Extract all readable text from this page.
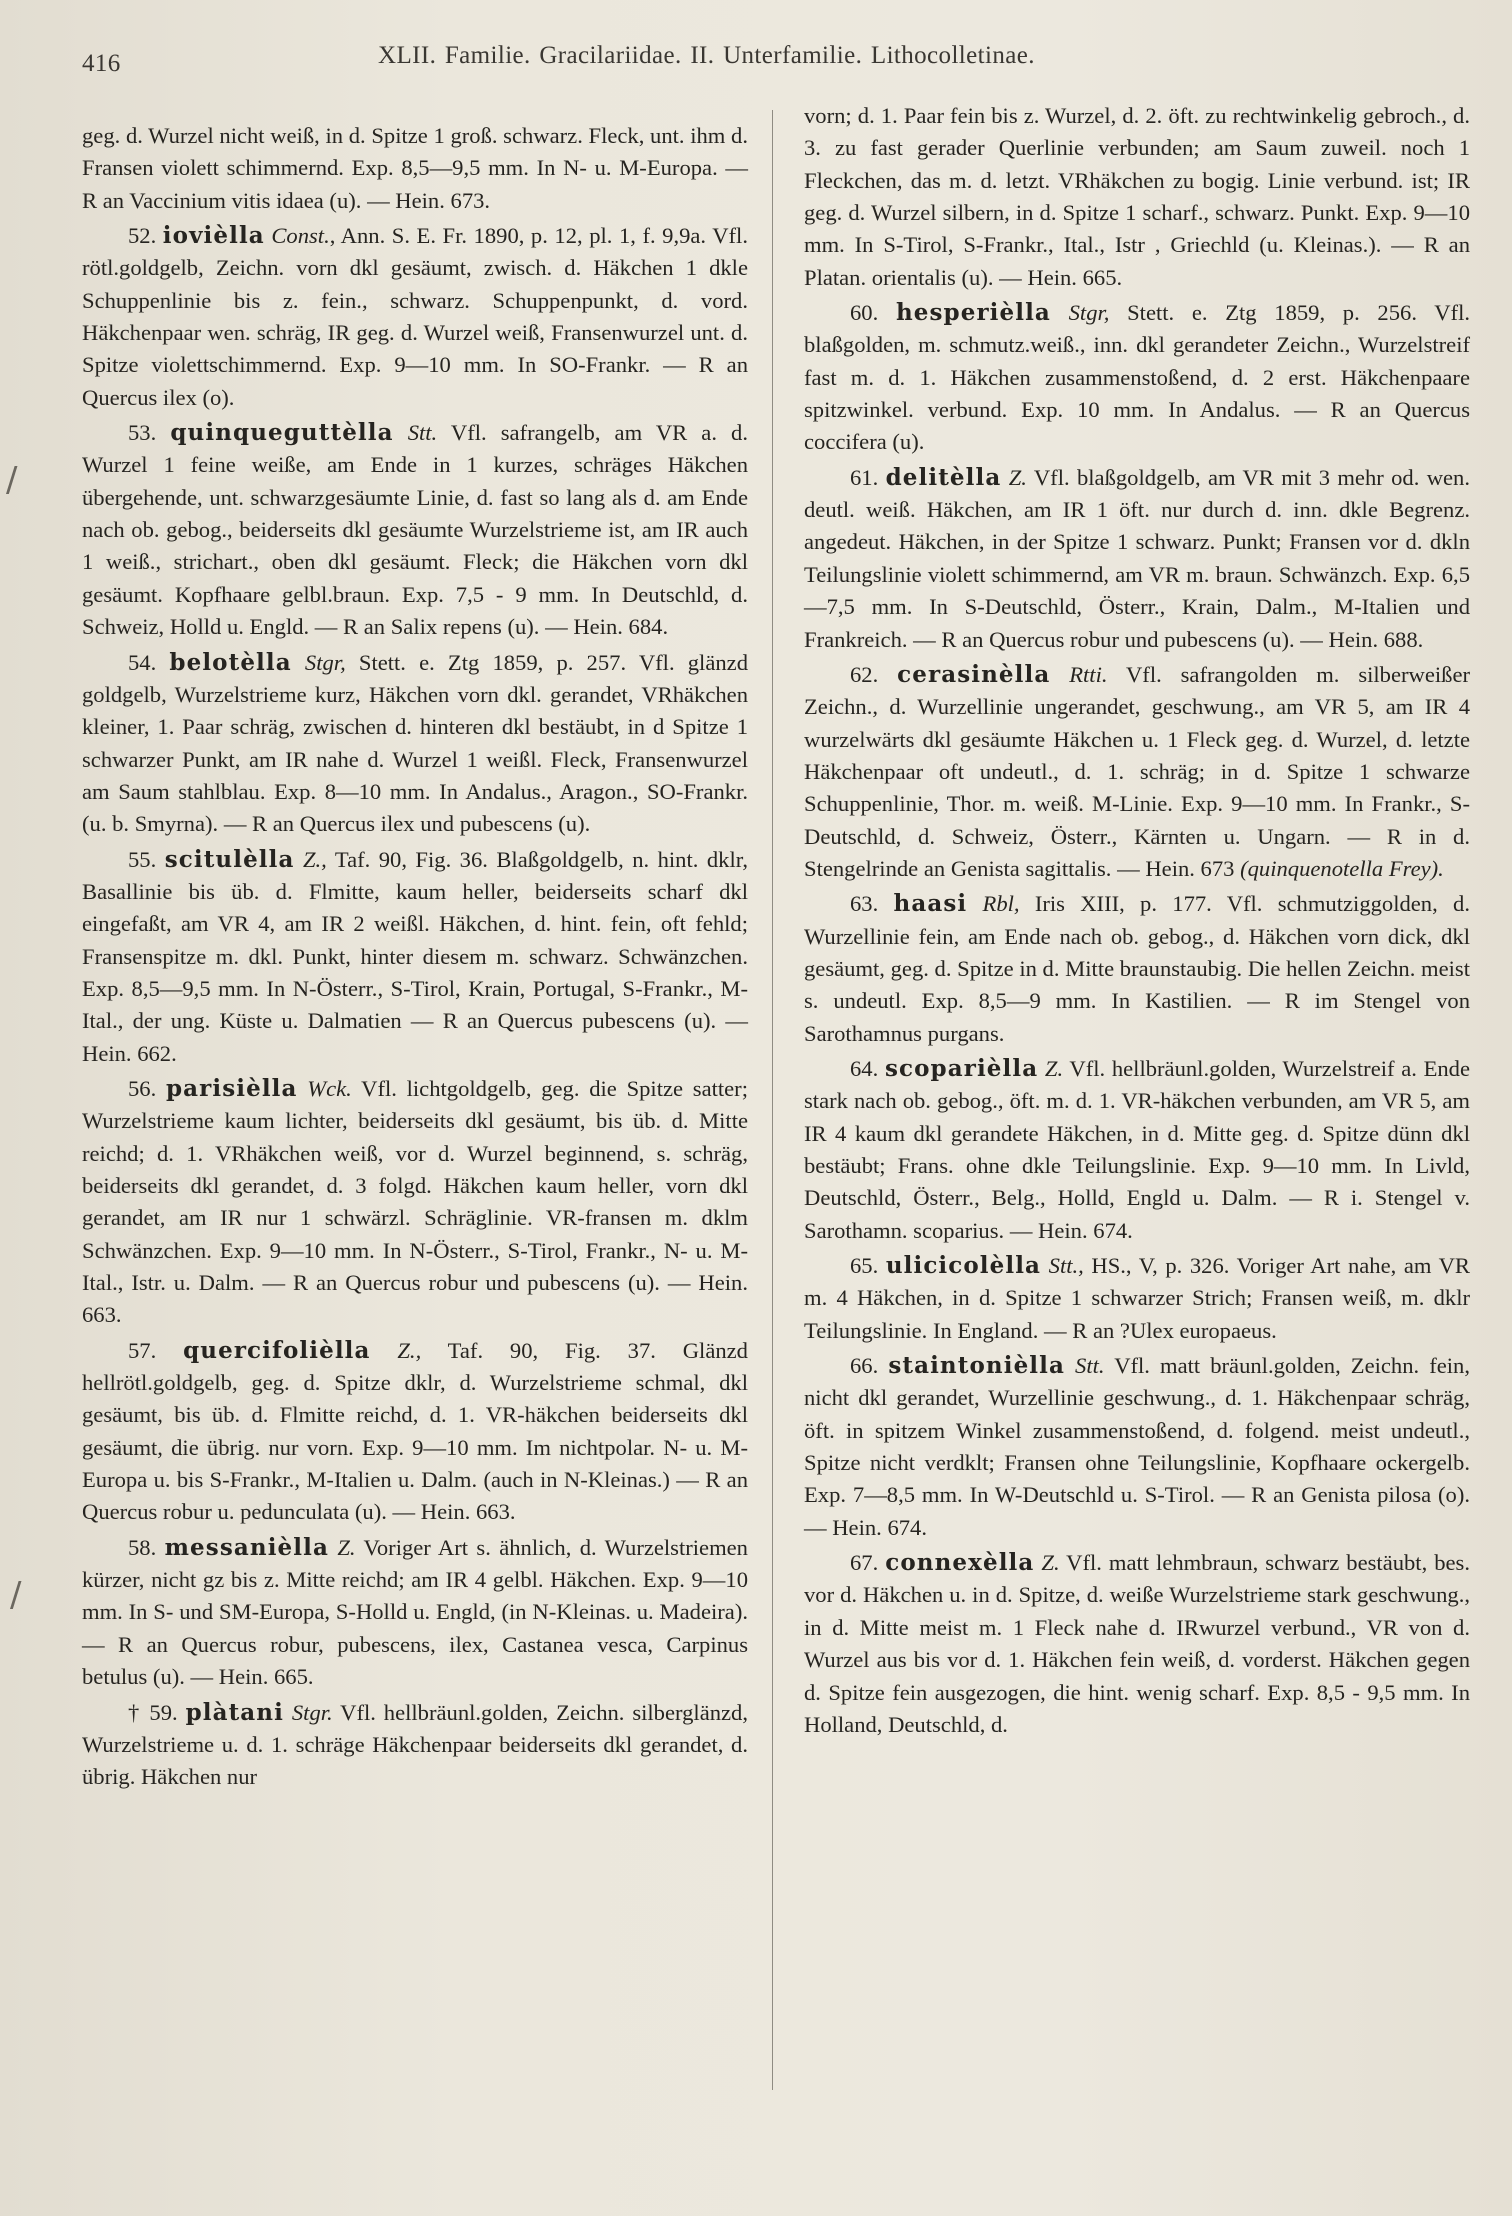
416	XLII. Familie. Gracilariidae. II. Unterfamilie. Lithocolletinae.
/
/

geg. d. Wurzel nicht weiß, in d. Spitze 1 groß. schwarz. Fleck, unt. ihm d. Fransen violett schimmernd. Exp. 8,5—9,5 mm. In N- u. M-Europa. — R an Vaccinium vitis idaea (u). — Hein. 673.

52. iovièlla Const., Ann. S. E. Fr. 1890, p. 12, pl. 1, f. 9,9a. Vfl. rötl.goldgelb, Zeichn. vorn dkl gesäumt, zwisch. d. Häkchen 1 dkle Schuppenlinie bis z. fein., schwarz. Schuppenpunkt, d. vord. Häkchenpaar wen. schräg, IR geg. d. Wurzel weiß, Fransenwurzel unt. d. Spitze violettschimmernd. Exp. 9—10 mm. In SO-Frankr. — R an Quercus ilex (o).

53. quinqueguttèlla Stt. Vfl. safrangelb, am VR a. d. Wurzel 1 feine weiße, am Ende in 1 kurzes, schräges Häkchen übergehende, unt. schwarzgesäumte Linie, d. fast so lang als d. am Ende nach ob. gebog., beiderseits dkl gesäumte Wurzelstrieme ist, am IR auch 1 weiß., strichart., oben dkl gesäumt. Fleck; die Häkchen vorn dkl gesäumt. Kopfhaare gelbl.braun. Exp. 7,5 - 9 mm. In Deutschld, d. Schweiz, Holld u. Engld. — R an Salix repens (u). — Hein. 684.

54. belotèlla Stgr, Stett. e. Ztg 1859, p. 257. Vfl. glänzd goldgelb, Wurzelstrieme kurz, Häkchen vorn dkl. gerandet, VRhäkchen kleiner, 1. Paar schräg, zwischen d. hinteren dkl bestäubt, in d Spitze 1 schwarzer Punkt, am IR nahe d. Wurzel 1 weißl. Fleck, Fransenwurzel am Saum stahlblau. Exp. 8—10 mm. In Andalus., Aragon., SO-Frankr. (u. b. Smyrna). — R an Quercus ilex und pubescens (u).

55. scitulèlla Z., Taf. 90, Fig. 36. Blaßgoldgelb, n. hint. dklr, Basallinie bis üb. d. Flmitte, kaum heller, beiderseits scharf dkl eingefaßt, am VR 4, am IR 2 weißl. Häkchen, d. hint. fein, oft fehld; Fransenspitze m. dkl. Punkt, hinter diesem m. schwarz. Schwänzchen. Exp. 8,5—9,5 mm. In N-Österr., S-Tirol, Krain, Portugal, S-Frankr., M-Ital., der ung. Küste u. Dalmatien — R an Quercus pubescens (u). — Hein. 662.

56. parisièlla Wck. Vfl. lichtgoldgelb, geg. die Spitze satter; Wurzelstrieme kaum lichter, beiderseits dkl gesäumt, bis üb. d. Mitte reichd; d. 1. VRhäkchen weiß, vor d. Wurzel beginnend, s. schräg, beiderseits dkl gerandet, d. 3 folgd. Häkchen kaum heller, vorn dkl gerandet, am IR nur 1 schwärzl. Schräglinie. VR-fransen m. dklm Schwänzchen. Exp. 9—10 mm. In N-Österr., S-Tirol, Frankr., N- u. M-Ital., Istr. u. Dalm. — R an Quercus robur und pubescens (u). — Hein. 663.

57. quercifolièlla Z., Taf. 90, Fig. 37. Glänzd hellrötl.goldgelb, geg. d. Spitze dklr, d. Wurzelstrieme schmal, dkl gesäumt, bis üb. d. Flmitte reichd, d. 1. VR-häkchen beiderseits dkl gesäumt, die übrig. nur vorn. Exp. 9—10 mm. Im nichtpolar. N- u. M-Europa u. bis S-Frankr., M-Italien u. Dalm. (auch in N-Kleinas.) — R an Quercus robur u. pedunculata (u). — Hein. 663.

58. messanièlla Z. Voriger Art s. ähnlich, d. Wurzelstriemen kürzer, nicht gz bis z. Mitte reichd; am IR 4 gelbl. Häkchen. Exp. 9—10 mm. In S- und SM-Europa, S-Holld u. Engld, (in N-Kleinas. u. Madeira). — R an Quercus robur, pubescens, ilex, Castanea vesca, Carpinus betulus (u). — Hein. 665.

† 59. plàtani Stgr. Vfl. hellbräunl.golden, Zeichn. silberglänzd, Wurzelstrieme u. d. 1. schräge Häkchenpaar beiderseits dkl gerandet, d. übrig. Häkchen nur

vorn; d. 1. Paar fein bis z. Wurzel, d. 2. öft. zu rechtwinkelig gebroch., d. 3. zu fast gerader Querlinie verbunden; am Saum zuweil. noch 1 Fleckchen, das m. d. letzt. VRhäkchen zu bogig. Linie verbund. ist; IR geg. d. Wurzel silbern, in d. Spitze 1 scharf., schwarz. Punkt. Exp. 9—10 mm. In S-Tirol, S-Frankr., Ital., Istr , Griechld (u. Kleinas.). — R an Platan. orientalis (u). — Hein. 665.

60. hesperièlla Stgr, Stett. e. Ztg 1859, p. 256. Vfl. blaßgolden, m. schmutz.weiß., inn. dkl gerandeter Zeichn., Wurzelstreif fast m. d. 1. Häkchen zusammenstoßend, d. 2 erst. Häkchenpaare spitzwinkel. verbund. Exp. 10 mm. In Andalus. — R an Quercus coccifera (u).

61. delitèlla Z. Vfl. blaßgoldgelb, am VR mit 3 mehr od. wen. deutl. weiß. Häkchen, am IR 1 öft. nur durch d. inn. dkle Begrenz. angedeut. Häkchen, in der Spitze 1 schwarz. Punkt; Fransen vor d. dkln Teilungslinie violett schimmernd, am VR m. braun. Schwänzch. Exp. 6,5—7,5 mm. In S-Deutschld, Österr., Krain, Dalm., M-Italien und Frankreich. — R an Quercus robur und pubescens (u). — Hein. 688.

62. cerasinèlla Rtti. Vfl. safrangolden m. silberweißer Zeichn., d. Wurzellinie ungerandet, geschwung., am VR 5, am IR 4 wurzelwärts dkl gesäumte Häkchen u. 1 Fleck geg. d. Wurzel, d. letzte Häkchenpaar oft undeutl., d. 1. schräg; in d. Spitze 1 schwarze Schuppenlinie, Thor. m. weiß. M-Linie. Exp. 9—10 mm. In Frankr., S-Deutschld, d. Schweiz, Österr., Kärnten u. Ungarn. — R in d. Stengelrinde an Genista sagittalis. — Hein. 673 (quinquenotella Frey).

63. haasi Rbl, Iris XIII, p. 177. Vfl. schmutziggolden, d. Wurzellinie fein, am Ende nach ob. gebog., d. Häkchen vorn dick, dkl gesäumt, geg. d. Spitze in d. Mitte braunstaubig. Die hellen Zeichn. meist s. undeutl. Exp. 8,5—9 mm. In Kastilien. — R im Stengel von Sarothamnus purgans.

64. scoparièlla Z. Vfl. hellbräunl.golden, Wurzelstreif a. Ende stark nach ob. gebog., öft. m. d. 1. VR-häkchen verbunden, am VR 5, am IR 4 kaum dkl gerandete Häkchen, in d. Mitte geg. d. Spitze dünn dkl bestäubt; Frans. ohne dkle Teilungslinie. Exp. 9—10 mm. In Livld, Deutschld, Österr., Belg., Holld, Engld u. Dalm. — R i. Stengel v. Sarothamn. scoparius. — Hein. 674.

65. ulicicolèlla Stt., HS., V, p. 326. Voriger Art nahe, am VR m. 4 Häkchen, in d. Spitze 1 schwarzer Strich; Fransen weiß, m. dklr Teilungslinie. In England. — R an ?Ulex europaeus.

66. staintonièlla Stt. Vfl. matt bräunl.golden, Zeichn. fein, nicht dkl gerandet, Wurzellinie geschwung., d. 1. Häkchenpaar schräg, öft. in spitzem Winkel zusammenstoßend, d. folgend. meist undeutl., Spitze nicht verdklt; Fransen ohne Teilungslinie, Kopfhaare ockergelb. Exp. 7—8,5 mm. In W-Deutschld u. S-Tirol. — R an Genista pilosa (o). — Hein. 674.

67. connexèlla Z. Vfl. matt lehmbraun, schwarz bestäubt, bes. vor d. Häkchen u. in d. Spitze, d. weiße Wurzelstrieme stark geschwung., in d. Mitte meist m. 1 Fleck nahe d. IRwurzel verbund., VR von d. Wurzel aus bis vor d. 1. Häkchen fein weiß, d. vorderst. Häkchen gegen d. Spitze fein ausgezogen, die hint. wenig scharf. Exp. 8,5 - 9,5 mm. In Holland, Deutschld, d.
